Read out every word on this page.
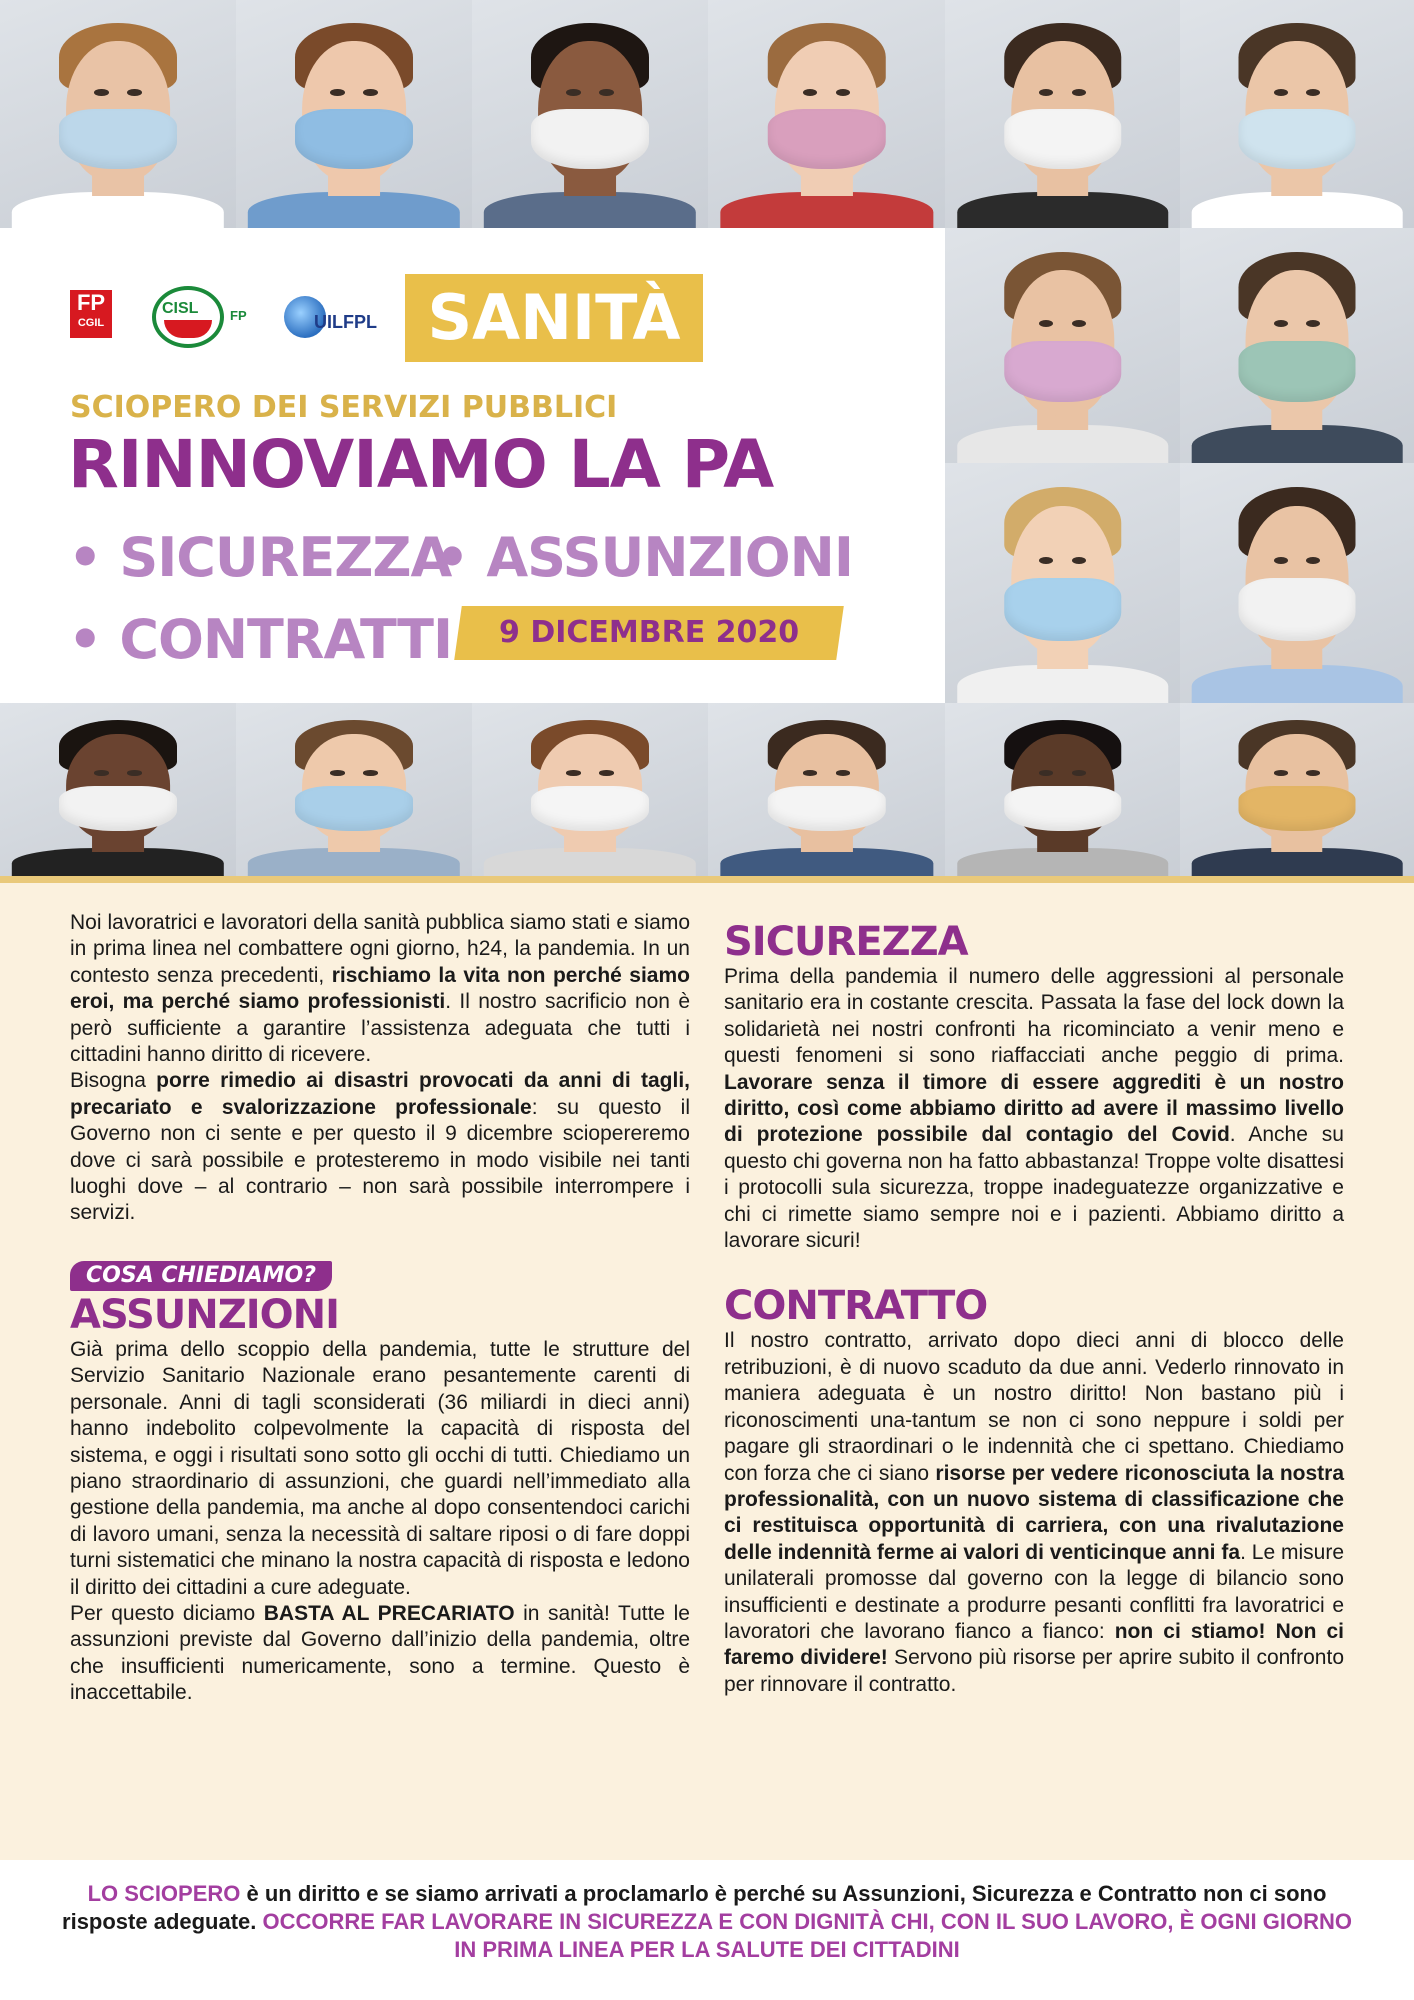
FP
CGIL
CISL FP	UILFPL SANITÀ
SCIOPERO DEI SERVIZI PUBBLICI
RINNOVIAMO LA PA
• SICUREZZA
• ASSUNZIONI
• CONTRATTI	9 DICEMBRE 2020

Noi lavoratrici e lavoratori della sanità pubblica siamo stati e siamo in prima linea nel combattere ogni giorno, h24, la pandemia. In un contesto senza precedenti, rischiamo la vita non perché siamo eroi, ma perché siamo professionisti. Il nostro sacrificio non è però sufficiente a garantire l’assistenza adeguata che tutti i cittadini hanno diritto di ricevere.

Bisogna porre rimedio ai disastri provocati da anni di tagli, precariato e svalorizzazione professionale: su questo il Governo non ci sente e per questo il 9 dicembre sciopereremo dove ci sarà possibile e protesteremo in modo visibile nei tanti luoghi dove – al contrario – non sarà possibile interrompere i servizi.

COSA CHIEDIAMO?
ASSUNZIONI

Già prima dello scoppio della pandemia, tutte le strutture del Servizio Sanitario Nazionale erano pesantemente carenti di personale. Anni di tagli sconsiderati (36 miliardi in dieci anni) hanno indebolito colpevolmente la capacità di risposta del sistema, e oggi i risultati sono sotto gli occhi di tutti. Chiediamo un piano straordinario di assunzioni, che guardi nell’immediato alla gestione della pandemia, ma anche al dopo consentendoci carichi di lavoro umani, senza la necessità di saltare riposi o di fare doppi turni sistematici che minano la nostra capacità di risposta e ledono il diritto dei cittadini a cure adeguate.

Per questo diciamo BASTA AL PRECARIATO in sanità! Tutte le assunzioni previste dal Governo dall’inizio della pandemia, oltre che insufficienti numericamente, sono a termine. Questo è inaccettabile.

SICUREZZA

Prima della pandemia il numero delle aggressioni al personale sanitario era in costante crescita. Passata la fase del lock down la solidarietà nei nostri confronti ha ricominciato a venir meno e questi fenomeni si sono riaffacciati anche peggio di prima. Lavorare senza il timore di essere aggrediti è un nostro diritto, così come abbiamo diritto ad avere il massimo livello di protezione possibile dal contagio del Covid. Anche su questo chi governa non ha fatto abbastanza! Troppe volte disattesi i protocolli sula sicurezza, troppe inadeguatezze organizzative e chi ci rimette siamo sempre noi e i pazienti. Abbiamo diritto a lavorare sicuri!

CONTRATTO

Il nostro contratto, arrivato dopo dieci anni di blocco delle retribuzioni, è di nuovo scaduto da due anni. Vederlo rinnovato in maniera adeguata è un nostro diritto! Non bastano più i riconoscimenti una-tantum se non ci sono neppure i soldi per pagare gli straordinari o le indennità che ci spettano. Chiediamo con forza che ci siano risorse per vedere riconosciuta la nostra professionalità, con un nuovo sistema di classificazione che ci restituisca opportunità di carriera, con una rivalutazione delle indennità ferme ai valori di venticinque anni fa. Le misure unilaterali promosse dal governo con la legge di bilancio sono insufficienti e destinate a produrre pesanti conflitti fra lavoratrici e lavoratori che lavorano fianco a fianco: non ci stiamo! Non ci faremo dividere! Servono più risorse per aprire subito il confronto per rinnovare il contratto.

LO SCIOPERO è un diritto e se siamo arrivati a proclamarlo è perché su Assunzioni, Sicurezza e Contratto non ci sono risposte adeguate. OCCORRE FAR LAVORARE IN SICUREZZA E CON DIGNITÀ CHI, CON IL SUO LAVORO, È OGNI GIORNO IN PRIMA LINEA PER LA SALUTE DEI CITTADINI
